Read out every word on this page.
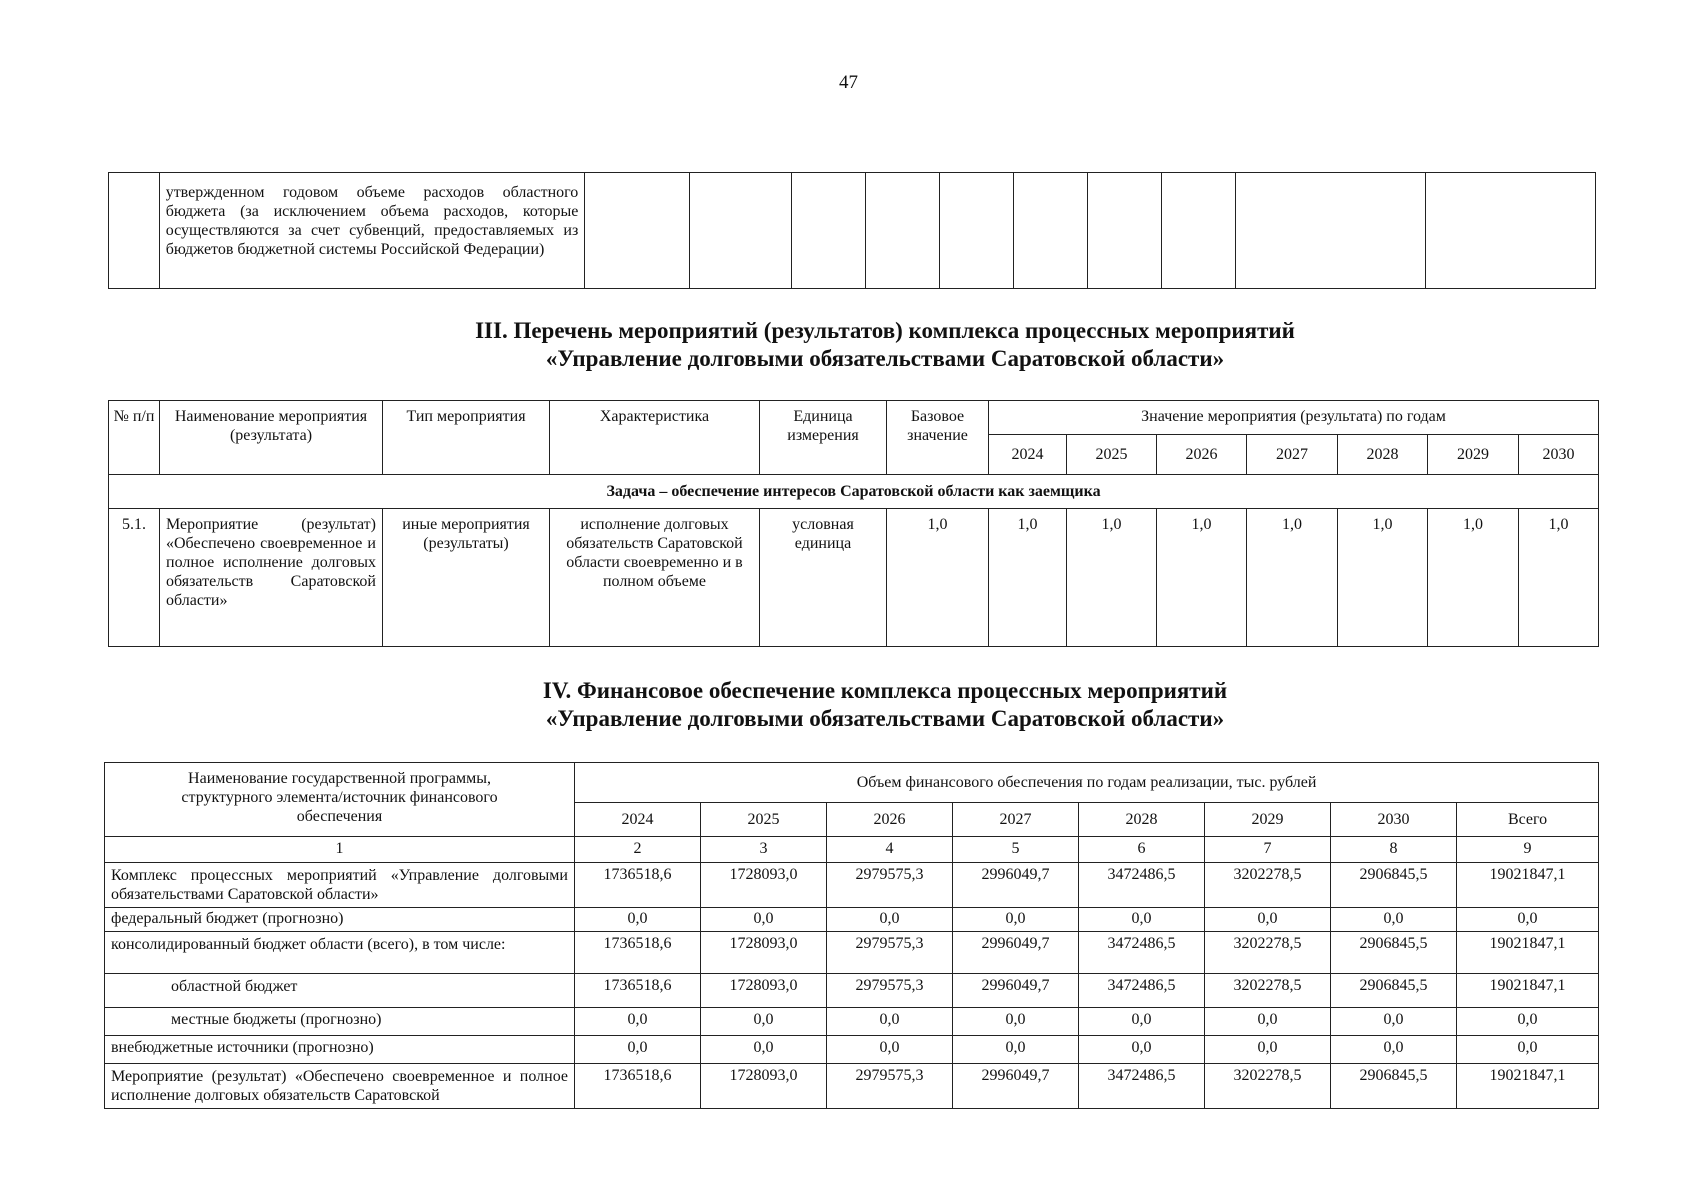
47
	утвержденном годовом объеме расходов областного бюджета (за исключением объема расходов, которые осуществляются за счет субвенций, предоставляемых из бюджетов бюджетной системы Российской Федерации)										
III. Перечень мероприятий (результатов) комплекса процессных мероприятий
«Управление долговыми обязательствами Саратовской области»
№ п/п	Наименование мероприятия (результата)	Тип мероприятия	Характеристика	Единица измерения	Базовое значение	Значение мероприятия (результата) по годам						
						2024	2025	2026	2027	2028	2029	2030
Задача – обеспечение интересов Саратовской области как заемщика												
5.1.	Мероприятие (результат) «Обеспечено своевременное и полное исполнение долговых обязательств Саратовской области»	иные мероприятия (результаты)	исполнение долговых обязательств Саратовской области своевременно и в полном объеме	условная единица	1,0	1,0	1,0	1,0	1,0	1,0	1,0	1,0
IV. Финансовое обеспечение комплекса процессных мероприятий
«Управление долговыми обязательствами Саратовской области»
Наименование государственной программы, структурного элемента/источник финансового обеспечения	Объем финансового обеспечения по годам реализации, тыс. рублей							
	2024	2025	2026	2027	2028	2029	2030	Всего
1	2	3	4	5	6	7	8	9
Комплекс процессных мероприятий «Управление долговыми обязательствами Саратовской области»	1736518,6	1728093,0	2979575,3	2996049,7	3472486,5	3202278,5	2906845,5	19021847,1
федеральный бюджет (прогнозно)	0,0	0,0	0,0	0,0	0,0	0,0	0,0	0,0
консолидированный бюджет области (всего), в том числе:	1736518,6	1728093,0	2979575,3	2996049,7	3472486,5	3202278,5	2906845,5	19021847,1
областной бюджет	1736518,6	1728093,0	2979575,3	2996049,7	3472486,5	3202278,5	2906845,5	19021847,1
местные бюджеты (прогнозно)	0,0	0,0	0,0	0,0	0,0	0,0	0,0	0,0
внебюджетные источники (прогнозно)	0,0	0,0	0,0	0,0	0,0	0,0	0,0	0,0
Мероприятие (результат) «Обеспечено своевременное и полное исполнение долговых обязательств Саратовской	1736518,6	1728093,0	2979575,3	2996049,7	3472486,5	3202278,5	2906845,5	19021847,1
